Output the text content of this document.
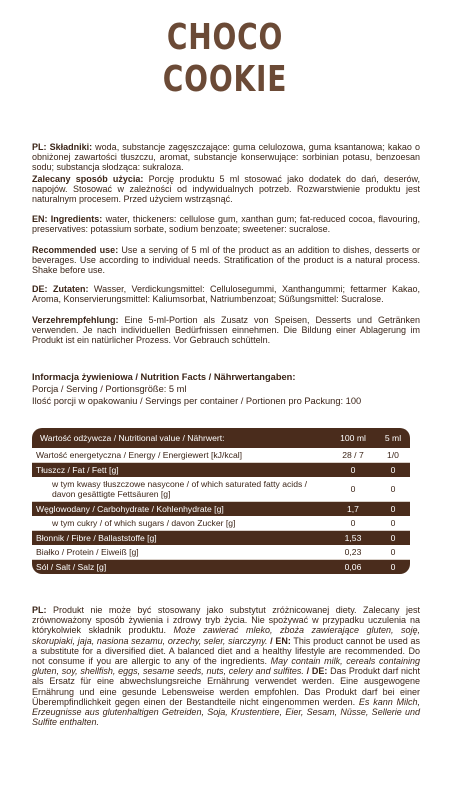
CHOCO
COOKIE
PL: Składniki: woda, substancje zagęszczające: guma celulozowa, guma ksantanowa; kakao o obniżonej zawartości tłuszczu, aromat, substancje konserwujące: sorbinian potasu, benzoesan sodu; substancja słodząca: sukraloza.
Zalecany sposób użycia: Porcję produktu 5 ml stosować jako dodatek do dań, deserów, napojów. Stosować w zależności od indywidualnych potrzeb. Rozwarstwienie produktu jest naturalnym procesem. Przed użyciem wstrząsnąć.
EN: Ingredients: water, thickeners: cellulose gum, xanthan gum; fat-reduced cocoa, flavouring, preservatives: potassium sorbate, sodium benzoate; sweetener: sucralose.
Recommended use: Use a serving of 5 ml of the product as an addition to dishes, desserts or beverages. Use according to individual needs. Stratification of the product is a natural process. Shake before use.
DE: Zutaten: Wasser, Verdickungsmittel: Cellulosegummi, Xanthangummi; fettarmer Kakao, Aroma, Konservierungsmittel: Kaliumsorbat, Natriumbenzoat; Süßungsmittel: Sucralose.
Verzehrempfehlung: Eine 5-ml-Portion als Zusatz von Speisen, Desserts und Getränken verwenden. Je nach individuellen Bedürfnissen einnehmen. Die Bildung einer Ablagerung im Produkt ist ein natürlicher Prozess. Vor Gebrauch schütteln.
Informacja żywieniowa / Nutrition Facts / Nährwertangaben:
Porcja / Serving / Portionsgröße: 5 ml
Ilość porcji w opakowaniu / Servings per container / Portionen pro Packung: 100
Wartość odżywcza / Nutritional value / Nährwert:	100 ml	5 ml
Wartość energetyczna / Energy / Energiewert [kJ/kcal]	28 / 7	1/0
Tłuszcz / Fat / Fett [g]	0	0
w tym kwasy tłuszczowe nasycone / of which saturated fatty acids / davon gesättigte Fettsäuren [g]	0	0
Węglowodany / Carbohydrate / Kohlenhydrate [g]	1,7	0
w tym cukry / of which sugars / davon Zucker [g]	0	0
Błonnik / Fibre / Ballaststoffe [g]	1,53	0
Białko / Protein / Eiweiß [g]	0,23	0
Sól / Salt / Salz [g]	0,06	0
PL: Produkt nie może być stosowany jako substytut zróżnicowanej diety. Zalecany jest zrównoważony sposób żywienia i zdrowy tryb życia. Nie spożywać w przypadku uczulenia na którykolwiek składnik produktu. Może zawierać mleko, zboża zawierające gluten, soję, skorupiaki, jaja, nasiona sezamu, orzechy, seler, siarczyny. / EN: This product cannot be used as a substitute for a diversified diet. A balanced diet and a healthy lifestyle are recommended. Do not consume if you are allergic to any of the ingredients. May contain milk, cereals containing gluten, soy, shellfish, eggs, sesame seeds, nuts, celery and sulfites. / DE: Das Produkt darf nicht als Ersatz für eine abwechslungsreiche Ernährung verwendet werden. Eine ausgewogene Ernährung und eine gesunde Lebensweise werden empfohlen. Das Produkt darf bei einer Überempfindlichkeit gegen einen der Bestandteile nicht eingenommen werden. Es kann Milch, Erzeugnisse aus glutenhaltigen Getreiden, Soja, Krustentiere, Eier, Sesam, Nüsse, Sellerie und Sulfite enthalten.
